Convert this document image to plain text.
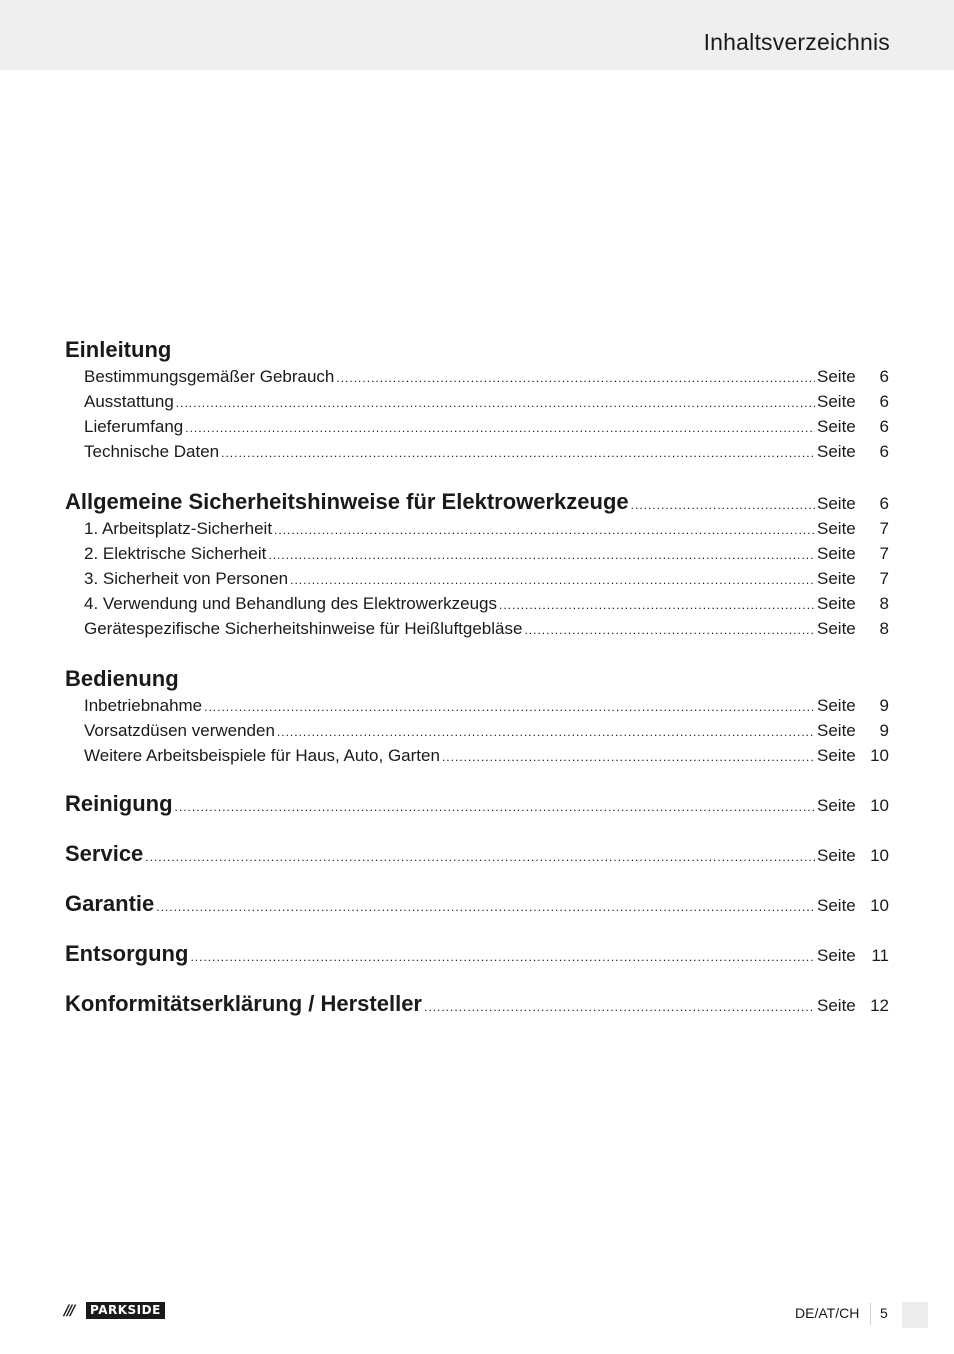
Inhaltsverzeichnis
Einleitung
Bestimmungsgemäßer Gebrauch .....	Seite	6
Ausstattung .....	Seite	6
Lieferumfang .....	Seite	6
Technische Daten .....	Seite	6
Allgemeine Sicherheitshinweise für Elektrowerkzeuge .....	Seite	6
1. Arbeitsplatz-Sicherheit .....	Seite	7
2. Elektrische Sicherheit .....	Seite	7
3. Sicherheit von Personen .....	Seite	7
4. Verwendung und Behandlung des Elektrowerkzeugs .....	Seite	8
Gerätespezifische Sicherheitshinweise für Heißluftgebläse .....	Seite	8
Bedienung
Inbetriebnahme .....	Seite	9
Vorsatzdüsen verwenden .....	Seite	9
Weitere Arbeitsbeispiele für Haus, Auto, Garten .....	Seite 10
Reinigung .....	Seite 10
Service .....	Seite 10
Garantie .....	Seite 10
Entsorgung .....	Seite 11
Konformitätserklärung / Hersteller .....	Seite 12
///	PARKSIDE	DE/AT/CH 5
